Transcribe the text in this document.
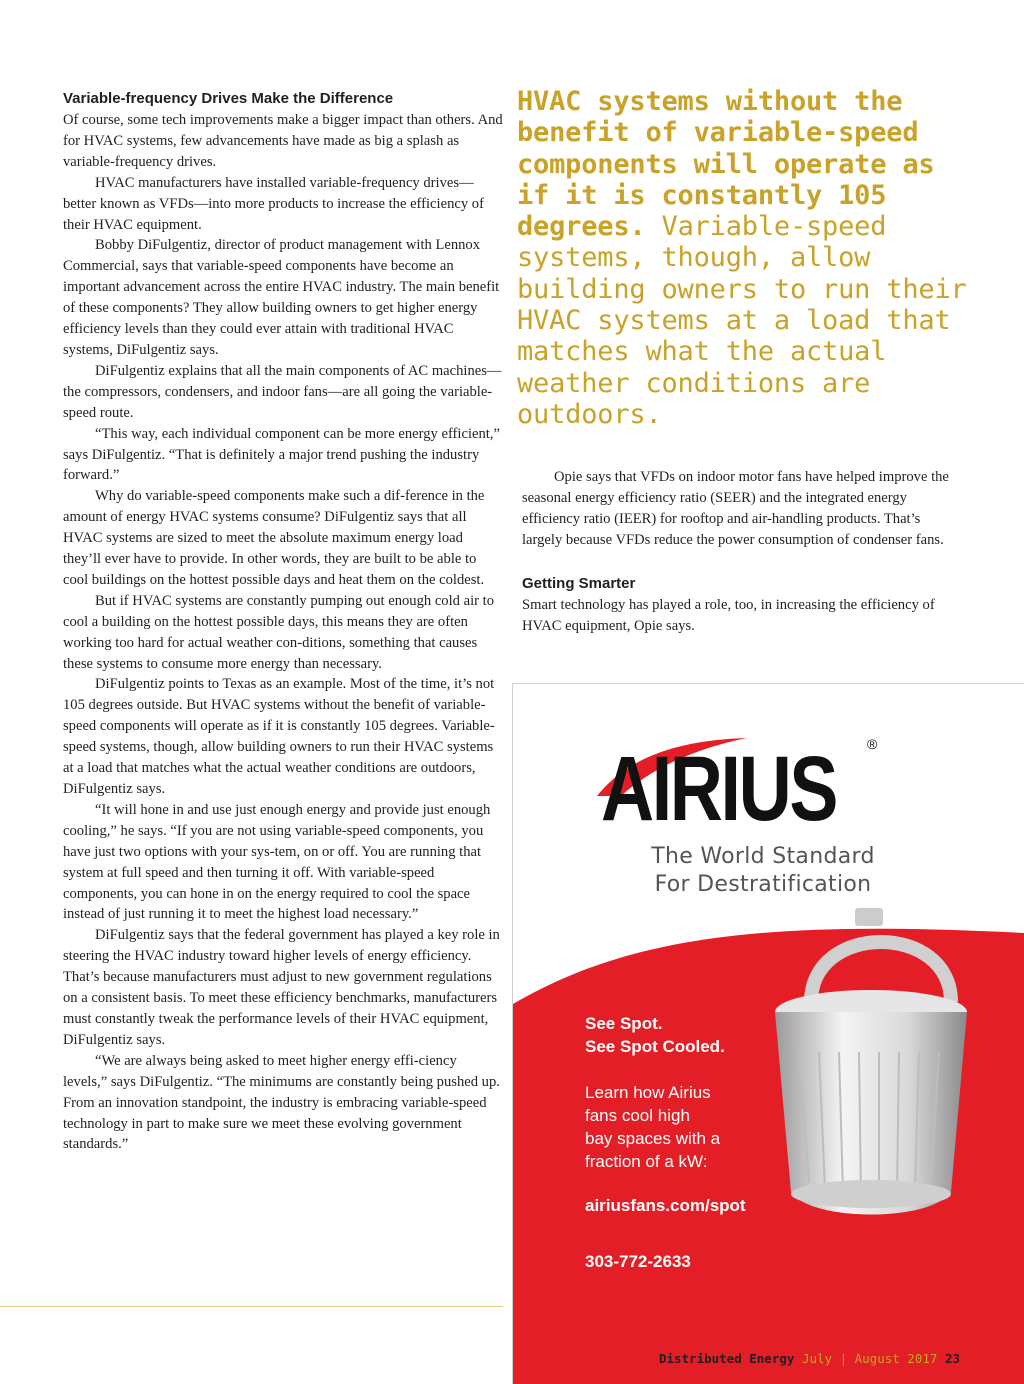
Variable-frequency Drives Make the Difference

Of course, some tech improvements make a bigger impact than others. And for HVAC systems, few advancements have made as big a splash as variable-frequency drives.

HVAC manufacturers have installed variable-frequency drives—better known as VFDs—into more products to increase the efficiency of their HVAC equipment.

Bobby DiFulgentiz, director of product management with Lennox Commercial, says that variable-speed components have become an important advancement across the entire HVAC industry. The main benefit of these components? They allow building owners to get higher energy efficiency levels than they could ever attain with traditional HVAC systems, DiFulgentiz says.

DiFulgentiz explains that all the main components of AC machines—the compressors, condensers, and indoor fans—are all going the variable-speed route.

“This way, each individual component can be more energy efficient,” says DiFulgentiz. “That is definitely a major trend pushing the industry forward.”

Why do variable-speed components make such a dif-ference in the amount of energy HVAC systems consume? DiFulgentiz says that all HVAC systems are sized to meet the absolute maximum energy load they’ll ever have to provide. In other words, they are built to be able to cool buildings on the hottest possible days and heat them on the coldest.

But if HVAC systems are constantly pumping out enough cold air to cool a building on the hottest possible days, this means they are often working too hard for actual weather con-ditions, something that causes these systems to consume more energy than necessary.

DiFulgentiz points to Texas as an example. Most of the time, it’s not 105 degrees outside. But HVAC systems without the benefit of variable-speed components will operate as if it is constantly 105 degrees. Variable-speed systems, though, allow building owners to run their HVAC systems at a load that matches what the actual weather conditions are outdoors, DiFulgentiz says.

“It will hone in and use just enough energy and provide just enough cooling,” he says. “If you are not using variable-speed components, you have just two options with your sys-tem, on or off. You are running that system at full speed and then turning it off. With variable-speed components, you can hone in on the energy required to cool the space instead of just running it to meet the highest load necessary.”

DiFulgentiz says that the federal government has played a key role in steering the HVAC industry toward higher levels of energy efficiency. That’s because manufacturers must adjust to new government regulations on a consistent basis. To meet these efficiency benchmarks, manufacturers must constantly tweak the performance levels of their HVAC equipment, DiFulgentiz says.

“We are always being asked to meet higher energy effi-ciency levels,” says DiFulgentiz. “The minimums are constantly being pushed up. From an innovation standpoint, the industry is embracing variable-speed technology in part to make sure we meet these evolving government standards.”

HVAC systems without the benefit of variable-speed components will operate as if it is constantly 105 degrees. Variable-speed systems, though, allow building owners to run their HVAC systems at a load that matches what the actual weather conditions are outdoors.

Opie says that VFDs on indoor motor fans have helped improve the seasonal energy efficiency ratio (SEER) and the integrated energy efficiency ratio (IEER) for rooftop and air-handling products. That’s largely because VFDs reduce the power consumption of condenser fans.

Getting Smarter

Smart technology has played a role, too, in increasing the efficiency of HVAC equipment, Opie says.

AIRIUS ®
The World Standard
For Destratification
See Spot.
See Spot Cooled.
Learn how Airius
fans cool high
bay spaces with a
fraction of a kW:
airiusfans.com/spot
303-772-2633
Distributed Energy July | August 2017 23
